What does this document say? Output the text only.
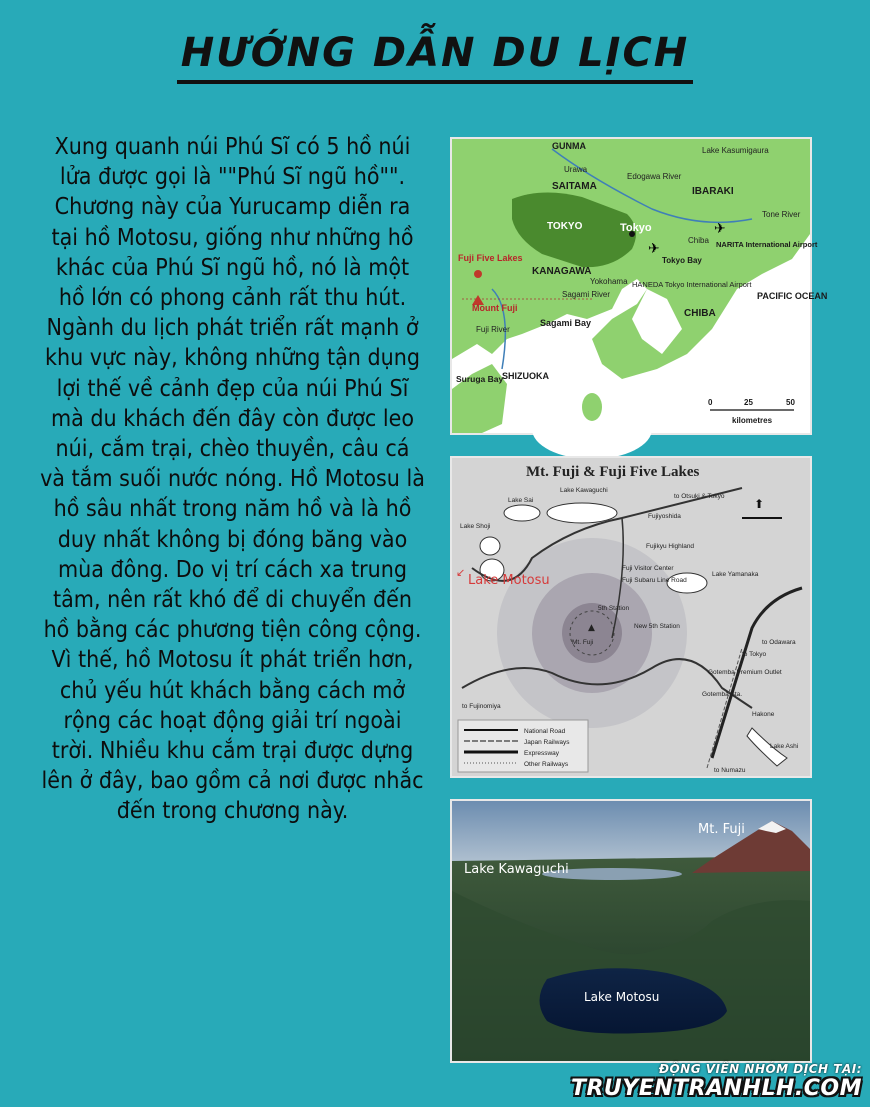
HƯỚNG DẪN DU LỊCH

Xung quanh núi Phú Sĩ có 5 hồ núi lửa được gọi là ""Phú Sĩ ngũ hồ"". Chương này của Yurucamp diễn ra tại hồ Motosu, giống như những hồ khác của Phú Sĩ ngũ hồ, nó là một hồ lớn có phong cảnh rất thu hút. Ngành du lịch phát triển rất mạnh ở khu vực này, không những tận dụng lợi thế về cảnh đẹp của núi Phú Sĩ mà du khách đến đây còn được leo núi, cắm trại, chèo thuyền, câu cá và tắm suối nước nóng. Hồ Motosu là hồ sâu nhất trong năm hồ và là hồ duy nhất không bị đóng băng vào mùa đông. Do vị trí cách xa trung tâm, nên rất khó để di chuyển đến hồ bằng các phương tiện công cộng. Vì thế, hồ Motosu ít phát triển hơn, chủ yếu hút khách bằng cách mở rộng các hoạt động giải trí ngoài trời. Nhiều khu cắm trại được dựng lên ở đây, bao gồm cả nơi được nhắc đến trong chương này.

✈
✈
GUNMA	Lake Kasumigaura
Urawa
SAITAMA
Edogawa River
IBARAKI
Tone River
TOKYO	Tokyo
Chiba NARITA International Airport
Fuji Five Lakes
KANAGAWA
Tokyo Bay
HANEDA Tokyo International Airport
Yokohama
Sagami River
Mount Fuji
PACIFIC OCEAN
CHIBA
Fuji River
Sagami Bay
Suruga Bay
SHIZUOKA
0	25	50
kilometres
⬆
National Road
Japan Railways
Expressway
Other Railways
Mt. Fuji & Fuji Five Lakes
Lake Kawaguchi
Lake Sai
Lake Shoji
to Otsuki & Tokyo
Fujiyoshida
Fujikyu Highland
Fuji Visitor Center
Fuji Subaru Line Road
Lake Yamanaka
5th Station
New 5th Station
▲
Mt. Fuji
Gotemba Premium Outlet
Gotemba Sta.
to Odawara
to Tokyo
Hakone
Lake Ashi
to Numazu
to Fujinomiya
↙
Lake Motosu
Mt. Fuji
Lake Kawaguchi
Lake Motosu
ĐỘNG VIÊN NHÓM DỊCH TẠI:
TRUYENTRANHLH.COM
